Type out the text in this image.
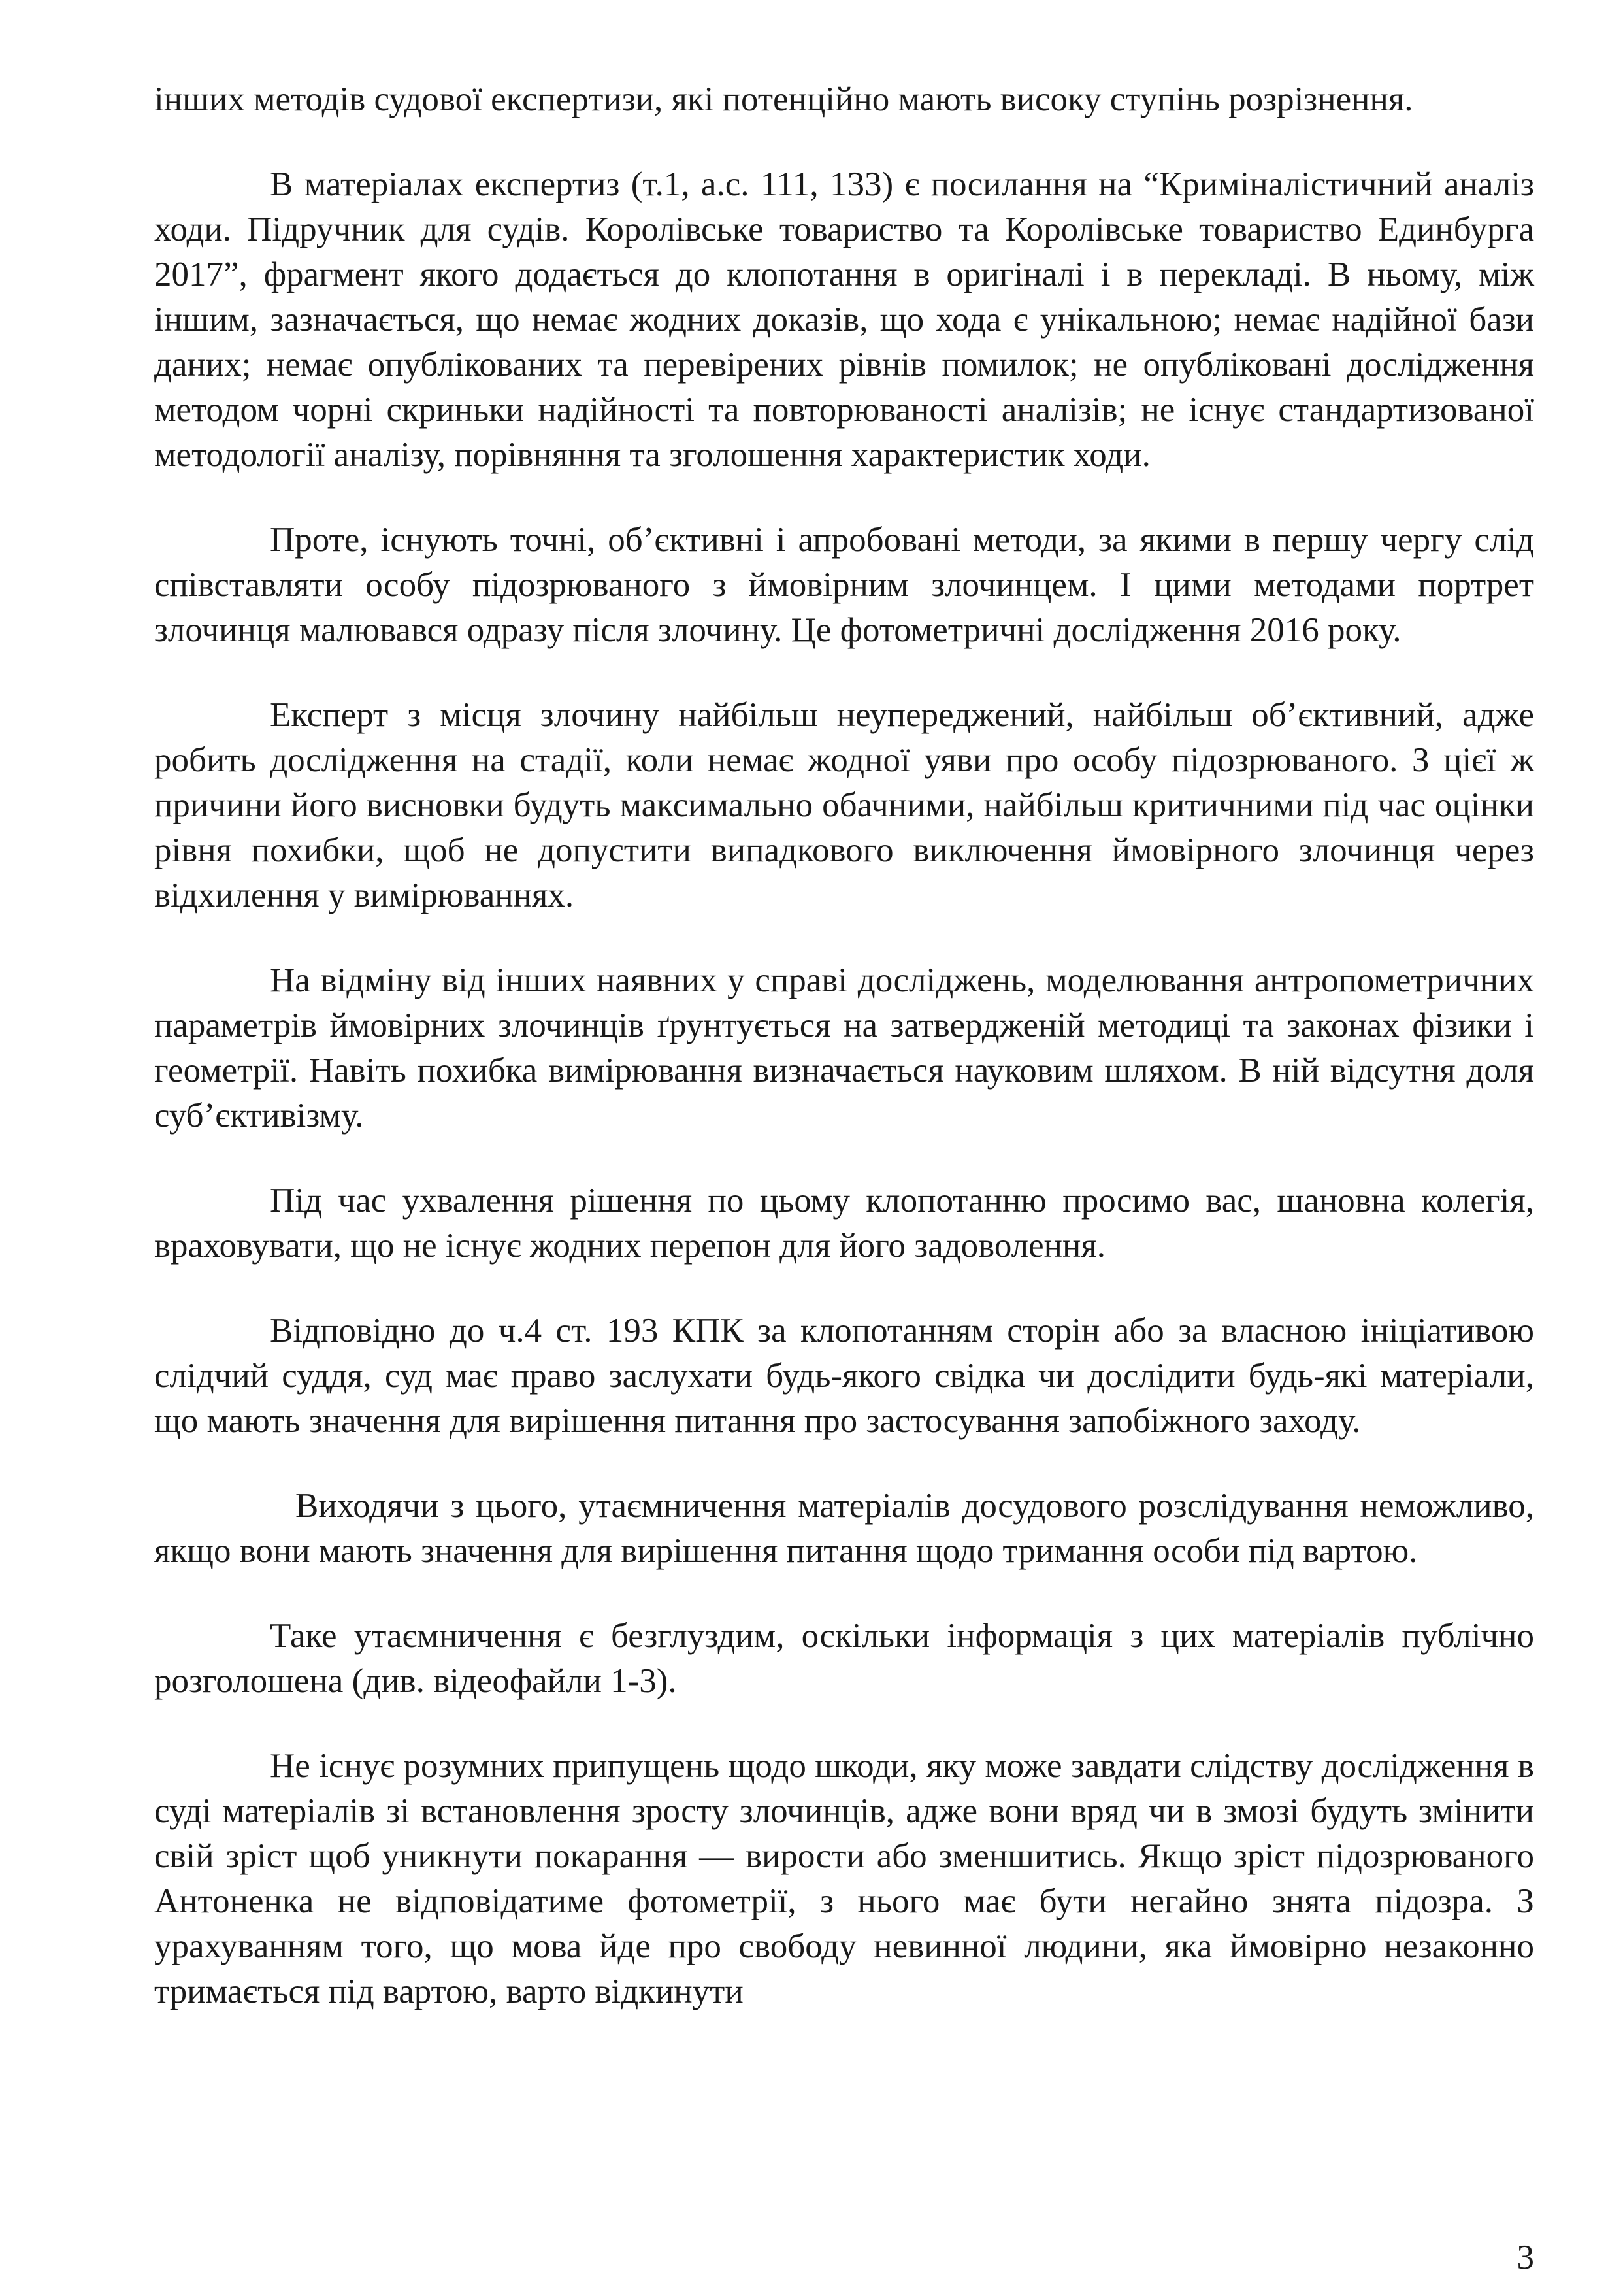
інших методів судової експертизи, які потенційно мають високу ступінь розрізнення.

В матеріалах експертиз (т.1, а.с. 111, 133) є посилання на “Криміналістичний аналіз ходи. Підручник для судів. Королівське товариство та Королівське товариство Единбурга 2017”, фрагмент якого додається до клопотання в оригіналі і в перекладі. В ньому, між іншим, зазначається, що немає жодних доказів, що хода є унікальною; немає надійної бази даних; немає опублікованих та перевірених рівнів помилок; не опубліковані дослідження методом чорні скриньки надійності та повторюваності аналізів; не існує стандартизованої методології аналізу, порівняння та зголошення характеристик ходи.

Проте, існують точні, об’єктивні і апробовані методи, за якими в першу чергу слід співставляти особу підозрюваного з ймовірним злочинцем. І цими методами портрет злочинця малювався одразу після злочину. Це фотометричні дослідження 2016 року.

Експерт з місця злочину найбільш неупереджений, найбільш об’єктивний, адже робить дослідження на стадії, коли немає жодної уяви про особу підозрюваного. З цієї ж причини його висновки будуть максимально обачними, найбільш критичними під час оцінки рівня похибки, щоб не допустити випадкового виключення ймовірного злочинця через відхилення у вимірюваннях.

На відміну від інших наявних у справі досліджень, моделювання антропометричних параметрів ймовірних злочинців ґрунтується на затвердженій методиці та законах фізики і геометрії. Навіть похибка вимірювання визначається науковим шляхом. В ній відсутня доля суб’єктивізму.

Під час ухвалення рішення по цьому клопотанню просимо вас, шановна колегія, враховувати, що не існує жодних перепон для його задоволення.

Відповідно до ч.4 ст. 193 КПК за клопотанням сторін або за власною ініціативою слідчий суддя, суд має право заслухати будь-якого свідка чи дослідити будь-які матеріали, що мають значення для вирішення питання про застосування запобіжного заходу.

Виходячи з цього, утаємничення матеріалів досудового розслідування неможливо, якщо вони мають значення для вирішення питання щодо тримання особи під вартою.

Таке утаємничення є безглуздим, оскільки інформація з цих матеріалів публічно розголошена (див. відеофайли 1-3).

Не існує розумних припущень щодо шкоди, яку може завдати слідству дослідження в суді матеріалів зі встановлення зросту злочинців, адже вони вряд чи в змозі будуть змінити свій зріст щоб уникнути покарання — вирости або зменшитись. Якщо зріст підозрюваного Антоненка не відповідатиме фотометрії, з нього має бути негайно знята підозра. З урахуванням того, що мова йде про свободу невинної людини, яка ймовірно незаконно тримається під вартою, варто відкинути

3
